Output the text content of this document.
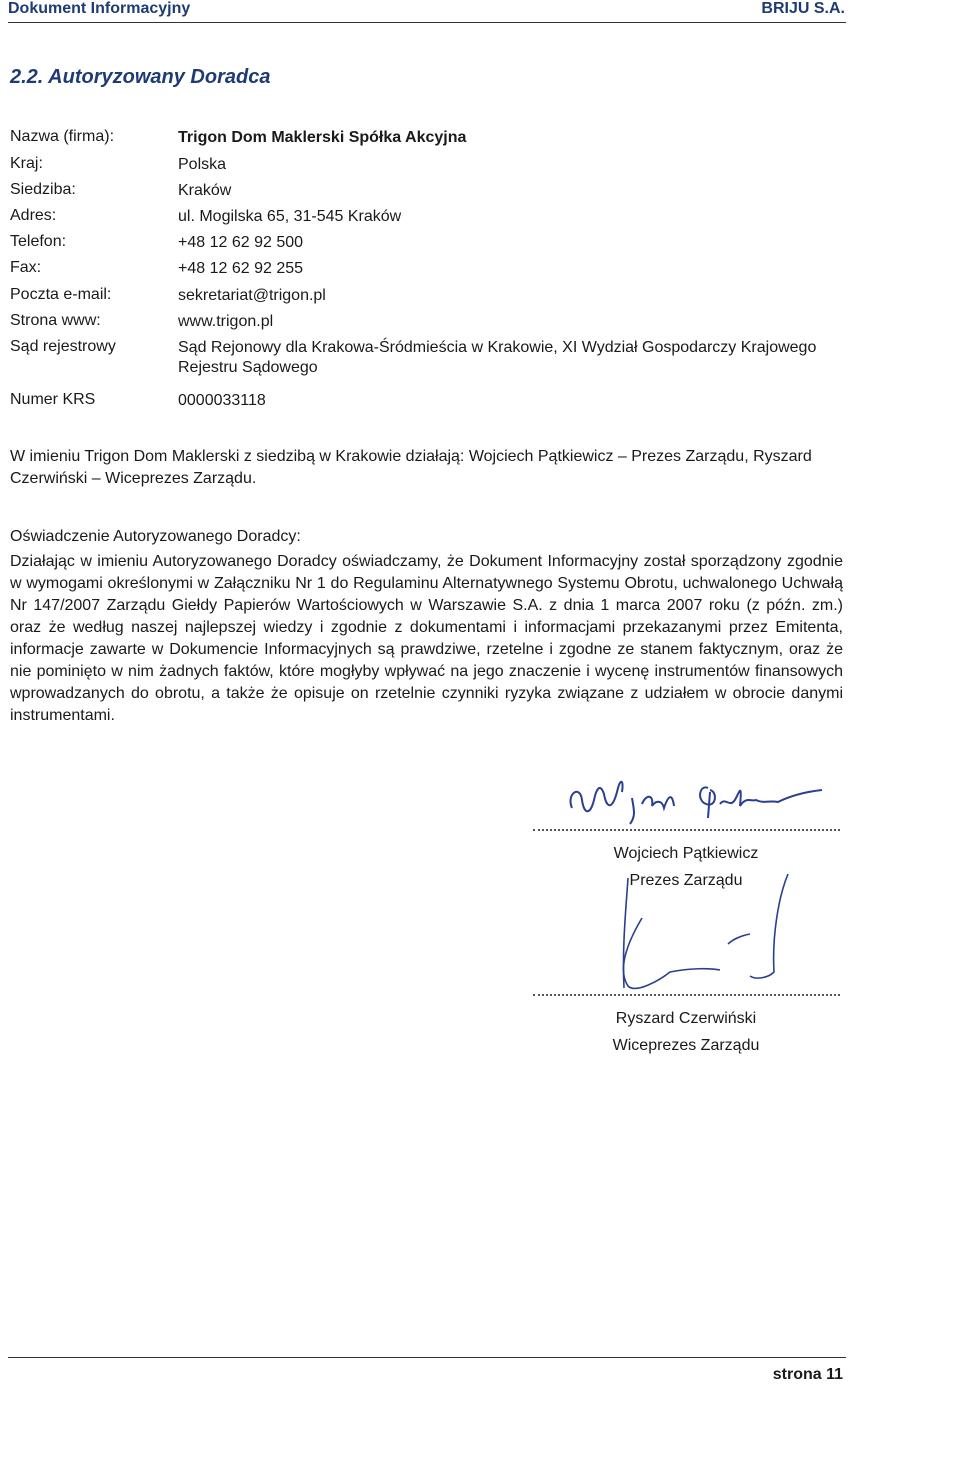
Dokument Informacyjny	BRIJU S.A.
2.2. Autoryzowany Doradca
Nazwa (firma):	Trigon Dom Maklerski Spółka Akcyjna
Kraj:	Polska
Siedziba:	Kraków
Adres:	ul. Mogilska 65, 31-545 Kraków
Telefon:	+48 12 62 92 500
Fax:	+48 12 62 92 255
Poczta e-mail:	sekretariat@trigon.pl
Strona www:	www.trigon.pl
Sąd rejestrowy	Sąd Rejonowy dla Krakowa-Śródmieścia w Krakowie, XI Wydział Gospodarczy Krajowego Rejestru Sądowego
Numer KRS	0000033118
W imieniu Trigon Dom Maklerski z siedzibą w Krakowie działają: Wojciech Pątkiewicz – Prezes Zarządu, Ryszard Czerwiński – Wiceprezes Zarządu.
Oświadczenie Autoryzowanego Doradcy:
Działając w imieniu Autoryzowanego Doradcy oświadczamy, że Dokument Informacyjny został sporządzony zgodnie w wymogami określonymi w Załączniku Nr 1 do Regulaminu Alternatywnego Systemu Obrotu, uchwalonego Uchwałą Nr 147/2007 Zarządu Giełdy Papierów Wartościowych w Warszawie S.A. z dnia 1 marca 2007 roku (z późn. zm.) oraz że według naszej najlepszej wiedzy i zgodnie z dokumentami i informacjami przekazanymi przez Emitenta, informacje zawarte w Dokumencie Informacyjnych są prawdziwe, rzetelne i zgodne ze stanem faktycznym, oraz że nie pominięto w nim żadnych faktów, które mogłyby wpływać na jego znaczenie i wycenę instrumentów finansowych wprowadzanych do obrotu, a także że opisuje on rzetelnie czynniki ryzyka związane z udziałem w obrocie danymi instrumentami.
Wojciech Pątkiewicz
Prezes Zarządu
Ryszard Czerwiński
Wiceprezes Zarządu
strona 11
